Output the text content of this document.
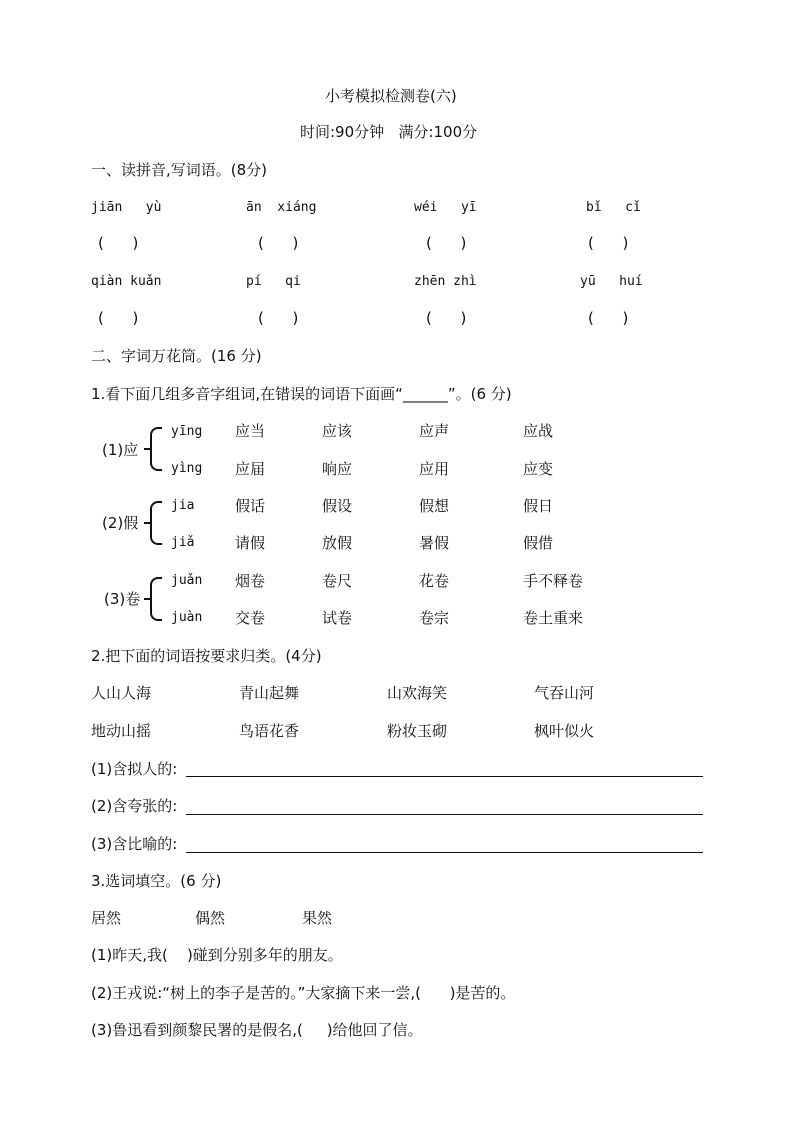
小考模拟检测卷(六)
时间:90分钟   满分:100分
一、读拼音,写词语。(8分)
jiān   yù	ān  xiáng	wéi   yī	bǐ   cǐ
(      )	(      )	(      )	(      )
qiàn kuǎn	pí   qi	zhēn zhì	yū   huí
(      )	(      )	(      )	(      )
二、字词万花筒。(16 分)
1.看下面几组多音字组词,在错误的词语下面画“______”。(6 分)
(1)应
yīng 应当	应该	应声	应战
yìng 应届	响应	应用	应变
(2)假
jia	假话	假设	假想	假日
jiǎ	请假	放假	暑假	假借
(3)卷
juǎn 烟卷	卷尺	花卷	手不释卷
juàn 交卷	试卷	卷宗	卷土重来
2.把下面的词语按要求归类。(4分)
人山人海	青山起舞	山欢海笑	气吞山河
地动山摇	鸟语花香	粉妆玉砌	枫叶似火
(1)含拟人的:
(2)含夸张的:
(3)含比喻的:
3.选词填空。(6 分)
居然	偶然	果然
(1)昨天,我(    )碰到分别多年的朋友。
(2)王戎说:“树上的李子是苦的。”大家摘下来一尝,(      )是苦的。
(3)鲁迅看到颜黎民署的是假名,(     )给他回了信。
